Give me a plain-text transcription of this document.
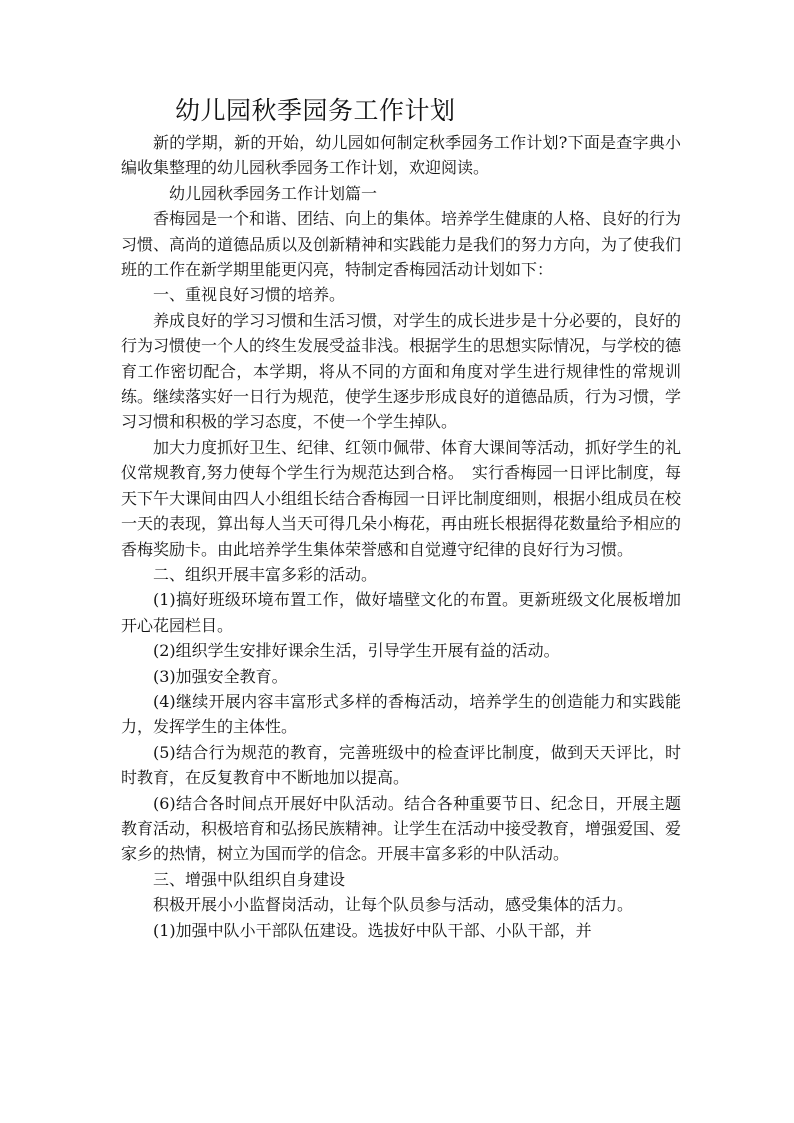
幼儿园秋季园务工作计划

新的学期，新的开始，幼儿园如何制定秋季园务工作计划?下面是查字典小编收集整理的幼儿园秋季园务工作计划，欢迎阅读。

幼儿园秋季园务工作计划篇一

香梅园是一个和谐、团结、向上的集体。培养学生健康的人格、良好的行为习惯、高尚的道德品质以及创新精神和实践能力是我们的努力方向，为了使我们班的工作在新学期里能更闪亮，特制定香梅园活动计划如下：

一、重视良好习惯的培养。

养成良好的学习习惯和生活习惯，对学生的成长进步是十分必要的，良好的行为习惯使一个人的终生发展受益非浅。根据学生的思想实际情况，与学校的德育工作密切配合，本学期，将从不同的方面和角度对学生进行规律性的常规训练。继续落实好一日行为规范，使学生逐步形成良好的道德品质，行为习惯，学习习惯和积极的学习态度，不使一个学生掉队。

加大力度抓好卫生、纪律、红领巾佩带、体育大课间等活动，抓好学生的礼仪常规教育,努力使每个学生行为规范达到合格。　实行香梅园一日评比制度，每天下午大课间由四人小组组长结合香梅园一日评比制度细则，根据小组成员在校一天的表现，算出每人当天可得几朵小梅花，再由班长根据得花数量给予相应的香梅奖励卡。由此培养学生集体荣誉感和自觉遵守纪律的良好行为习惯。

二、组织开展丰富多彩的活动。

(1)搞好班级环境布置工作，做好墙壁文化的布置。更新班级文化展板增加开心花园栏目。

(2)组织学生安排好课余生活，引导学生开展有益的活动。

(3)加强安全教育。

(4)继续开展内容丰富形式多样的香梅活动，培养学生的创造能力和实践能力，发挥学生的主体性。

(5)结合行为规范的教育，完善班级中的检查评比制度，做到天天评比，时时教育，在反复教育中不断地加以提高。

(6)结合各时间点开展好中队活动。结合各种重要节日、纪念日，开展主题教育活动，积极培育和弘扬民族精神。让学生在活动中接受教育，增强爱国、爱家乡的热情，树立为国而学的信念。开展丰富多彩的中队活动。

三、增强中队组织自身建设

积极开展小小监督岗活动，让每个队员参与活动，感受集体的活力。

(1)加强中队小干部队伍建设。选拔好中队干部、小队干部，并
